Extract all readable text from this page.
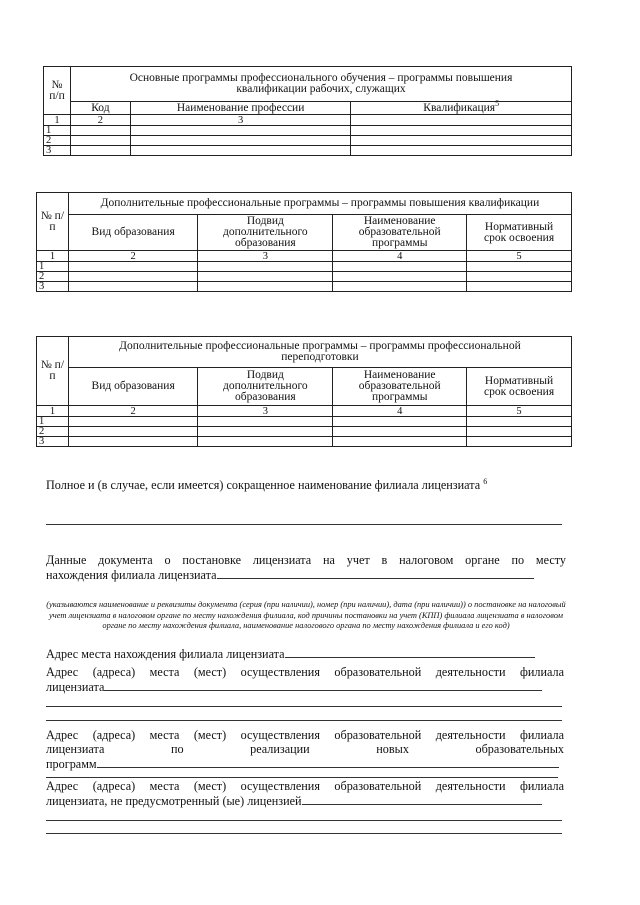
№ п/п	Основные программы профессионального обучения – программы повышения квалификации рабочих, служащих		
	Код	Наименование профессии	Квалификация$^5$
1	2	3	
1			
2			
3			
№ п/п	Дополнительные профессиональные программы – программы повышения квалификации			
	Вид образования	Подвид дополнительного образования	Наименование образовательной программы	Нормативный срок освоения
1	2	3	4	5
1				
2				
3				
№ п/п	Дополнительные профессиональные программы – программы профессиональной переподготовки			
	Вид образования	Подвид дополнительного образования	Наименование образовательной программы	Нормативный срок освоения
1	2	3	4	5
1				
2				
3				

Полное и (в случае, если имеется) сокращенное наименование филиала лицензиата $^6$

Данные документа о постановке лицензиата на учет в налоговом органе по месту

нахождения филиала лицензиата

(указываются наименование и реквизиты документа (серия (при наличии), номер (при наличии), дата (при наличии)) о постановке на налоговый учет лицензиата в налоговом органе по месту нахождения филиала, код причины постановки на учет (КПП) филиала лицензиата в налоговом органе по месту нахождения филиала, наименование налогового органа по месту нахождения филиала и его код)

Адрес места нахождения филиала лицензиата

Адрес (адреса) места (мест) осуществления образовательной деятельности филиала

лицензиата

Адрес (адреса) места (мест) осуществления образовательной деятельности филиала

лицензиата по реализации новых образовательных

программ

Адрес (адреса) места (мест) осуществления образовательной деятельности филиала

лицензиата, не предусмотренный (ые) лицензией
